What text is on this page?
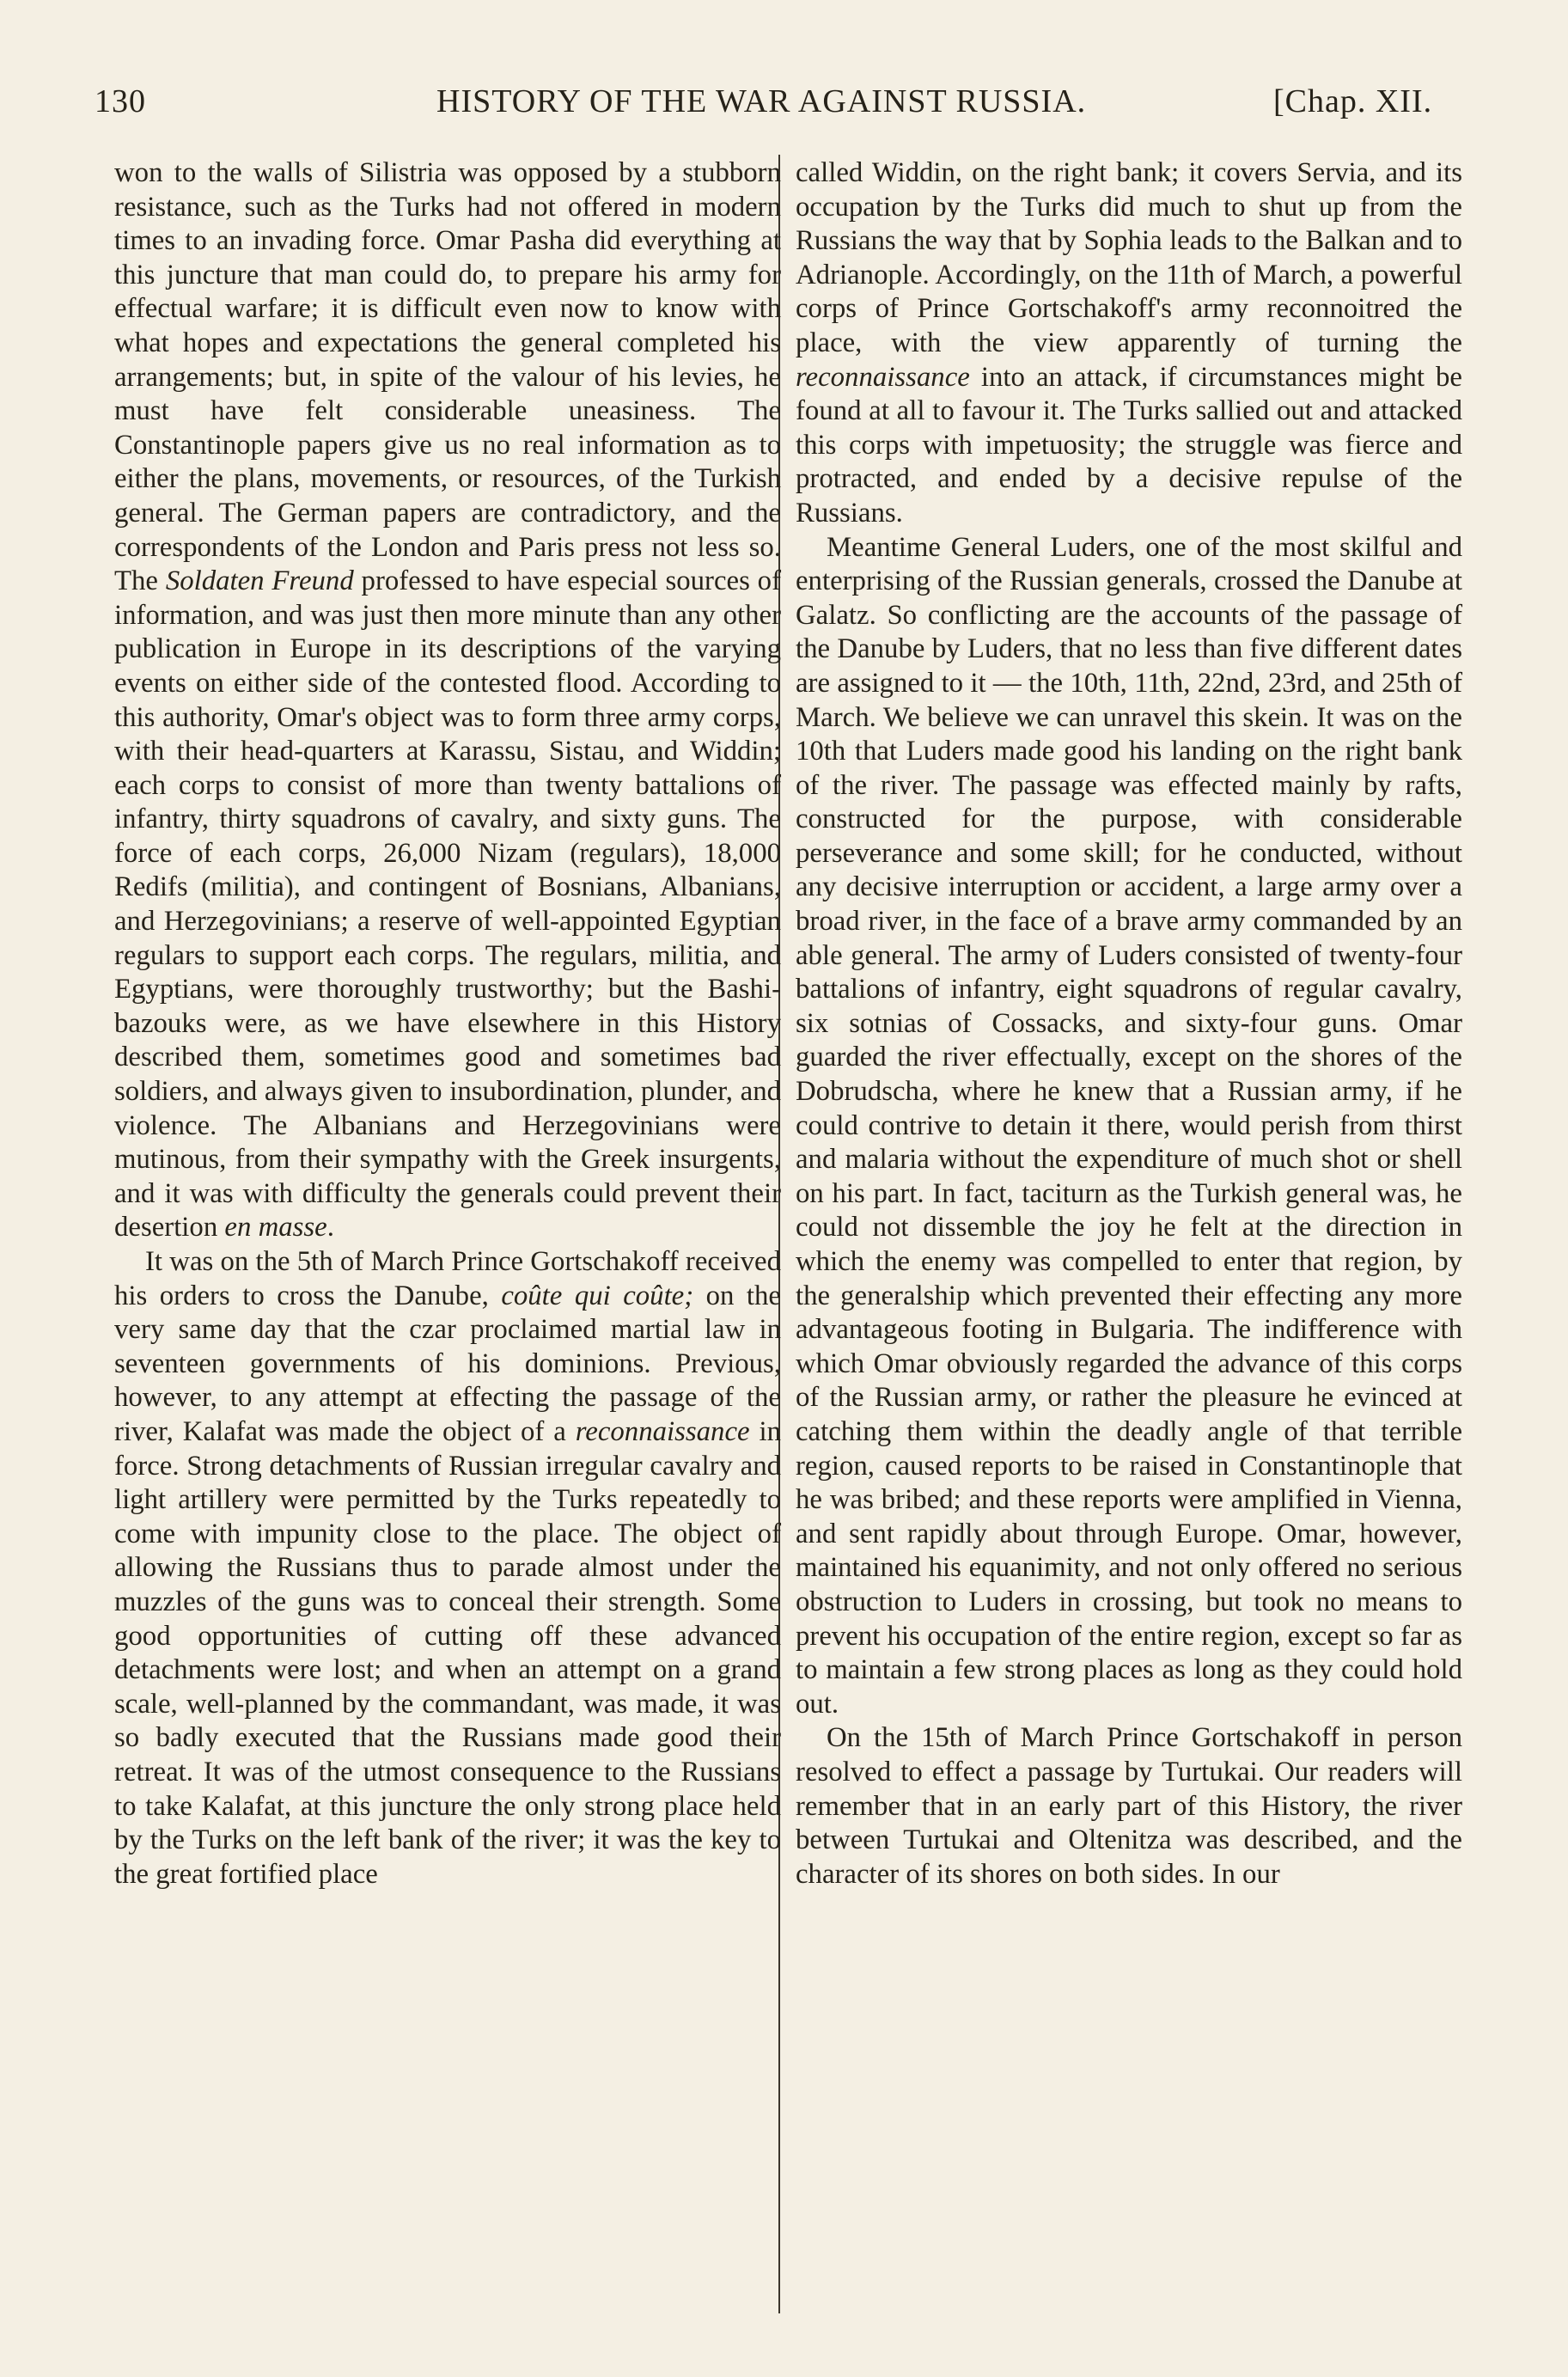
130	HISTORY OF THE WAR AGAINST RUSSIA.	[Chap. XII.

won to the walls of Silistria was opposed by a stubborn resistance, such as the Turks had not offered in modern times to an invading force. Omar Pasha did everything at this juncture that man could do, to prepare his army for effectual warfare; it is difficult even now to know with what hopes and expectations the general completed his arrangements; but, in spite of the valour of his levies, he must have felt considerable uneasiness. The Constantinople papers give us no real information as to either the plans, movements, or resources, of the Turkish general. The German papers are contradictory, and the correspondents of the London and Paris press not less so. The Soldaten Freund professed to have especial sources of information, and was just then more minute than any other publication in Europe in its descriptions of the varying events on either side of the contested flood. According to this authority, Omar's object was to form three army corps, with their head-quarters at Karassu, Sistau, and Widdin; each corps to consist of more than twenty battalions of infantry, thirty squadrons of cavalry, and sixty guns. The force of each corps, 26,000 Nizam (regulars), 18,000 Redifs (militia), and contingent of Bosnians, Albanians, and Herzegovinians; a reserve of well-appointed Egyptian regulars to support each corps. The regulars, militia, and Egyptians, were thoroughly trustworthy; but the Bashi-bazouks were, as we have elsewhere in this History described them, sometimes good and sometimes bad soldiers, and always given to insubordination, plunder, and violence. The Albanians and Herzegovinians were mutinous, from their sympathy with the Greek insurgents, and it was with difficulty the generals could prevent their desertion en masse.

It was on the 5th of March Prince Gortschakoff received his orders to cross the Danube, coûte qui coûte; on the very same day that the czar proclaimed martial law in seventeen governments of his dominions. Previous, however, to any attempt at effecting the passage of the river, Kalafat was made the object of a reconnaissance in force. Strong detachments of Russian irregular cavalry and light artillery were permitted by the Turks repeatedly to come with impunity close to the place. The object of allowing the Russians thus to parade almost under the muzzles of the guns was to conceal their strength. Some good opportunities of cutting off these advanced detachments were lost; and when an attempt on a grand scale, well-planned by the commandant, was made, it was so badly executed that the Russians made good their retreat. It was of the utmost consequence to the Russians to take Kalafat, at this juncture the only strong place held by the Turks on the left bank of the river; it was the key to the great fortified place

called Widdin, on the right bank; it covers Servia, and its occupation by the Turks did much to shut up from the Russians the way that by Sophia leads to the Balkan and to Adrianople. Accordingly, on the 11th of March, a powerful corps of Prince Gortschakoff's army reconnoitred the place, with the view apparently of turning the reconnaissance into an attack, if circumstances might be found at all to favour it. The Turks sallied out and attacked this corps with impetuosity; the struggle was fierce and protracted, and ended by a decisive repulse of the Russians.

Meantime General Luders, one of the most skilful and enterprising of the Russian generals, crossed the Danube at Galatz. So conflicting are the accounts of the passage of the Danube by Luders, that no less than five different dates are assigned to it — the 10th, 11th, 22nd, 23rd, and 25th of March. We believe we can unravel this skein. It was on the 10th that Luders made good his landing on the right bank of the river. The passage was effected mainly by rafts, constructed for the purpose, with considerable perseverance and some skill; for he conducted, without any decisive interruption or accident, a large army over a broad river, in the face of a brave army commanded by an able general. The army of Luders consisted of twenty-four battalions of infantry, eight squadrons of regular cavalry, six sotnias of Cossacks, and sixty-four guns. Omar guarded the river effectually, except on the shores of the Dobrudscha, where he knew that a Russian army, if he could contrive to detain it there, would perish from thirst and malaria without the expenditure of much shot or shell on his part. In fact, taciturn as the Turkish general was, he could not dissemble the joy he felt at the direction in which the enemy was compelled to enter that region, by the generalship which prevented their effecting any more advantageous footing in Bulgaria. The indifference with which Omar obviously regarded the advance of this corps of the Russian army, or rather the pleasure he evinced at catching them within the deadly angle of that terrible region, caused reports to be raised in Constantinople that he was bribed; and these reports were amplified in Vienna, and sent rapidly about through Europe. Omar, however, maintained his equanimity, and not only offered no serious obstruction to Luders in crossing, but took no means to prevent his occupation of the entire region, except so far as to maintain a few strong places as long as they could hold out.

On the 15th of March Prince Gortschakoff in person resolved to effect a passage by Turtukai. Our readers will remember that in an early part of this History, the river between Turtukai and Oltenitza was described, and the character of its shores on both sides. In our
